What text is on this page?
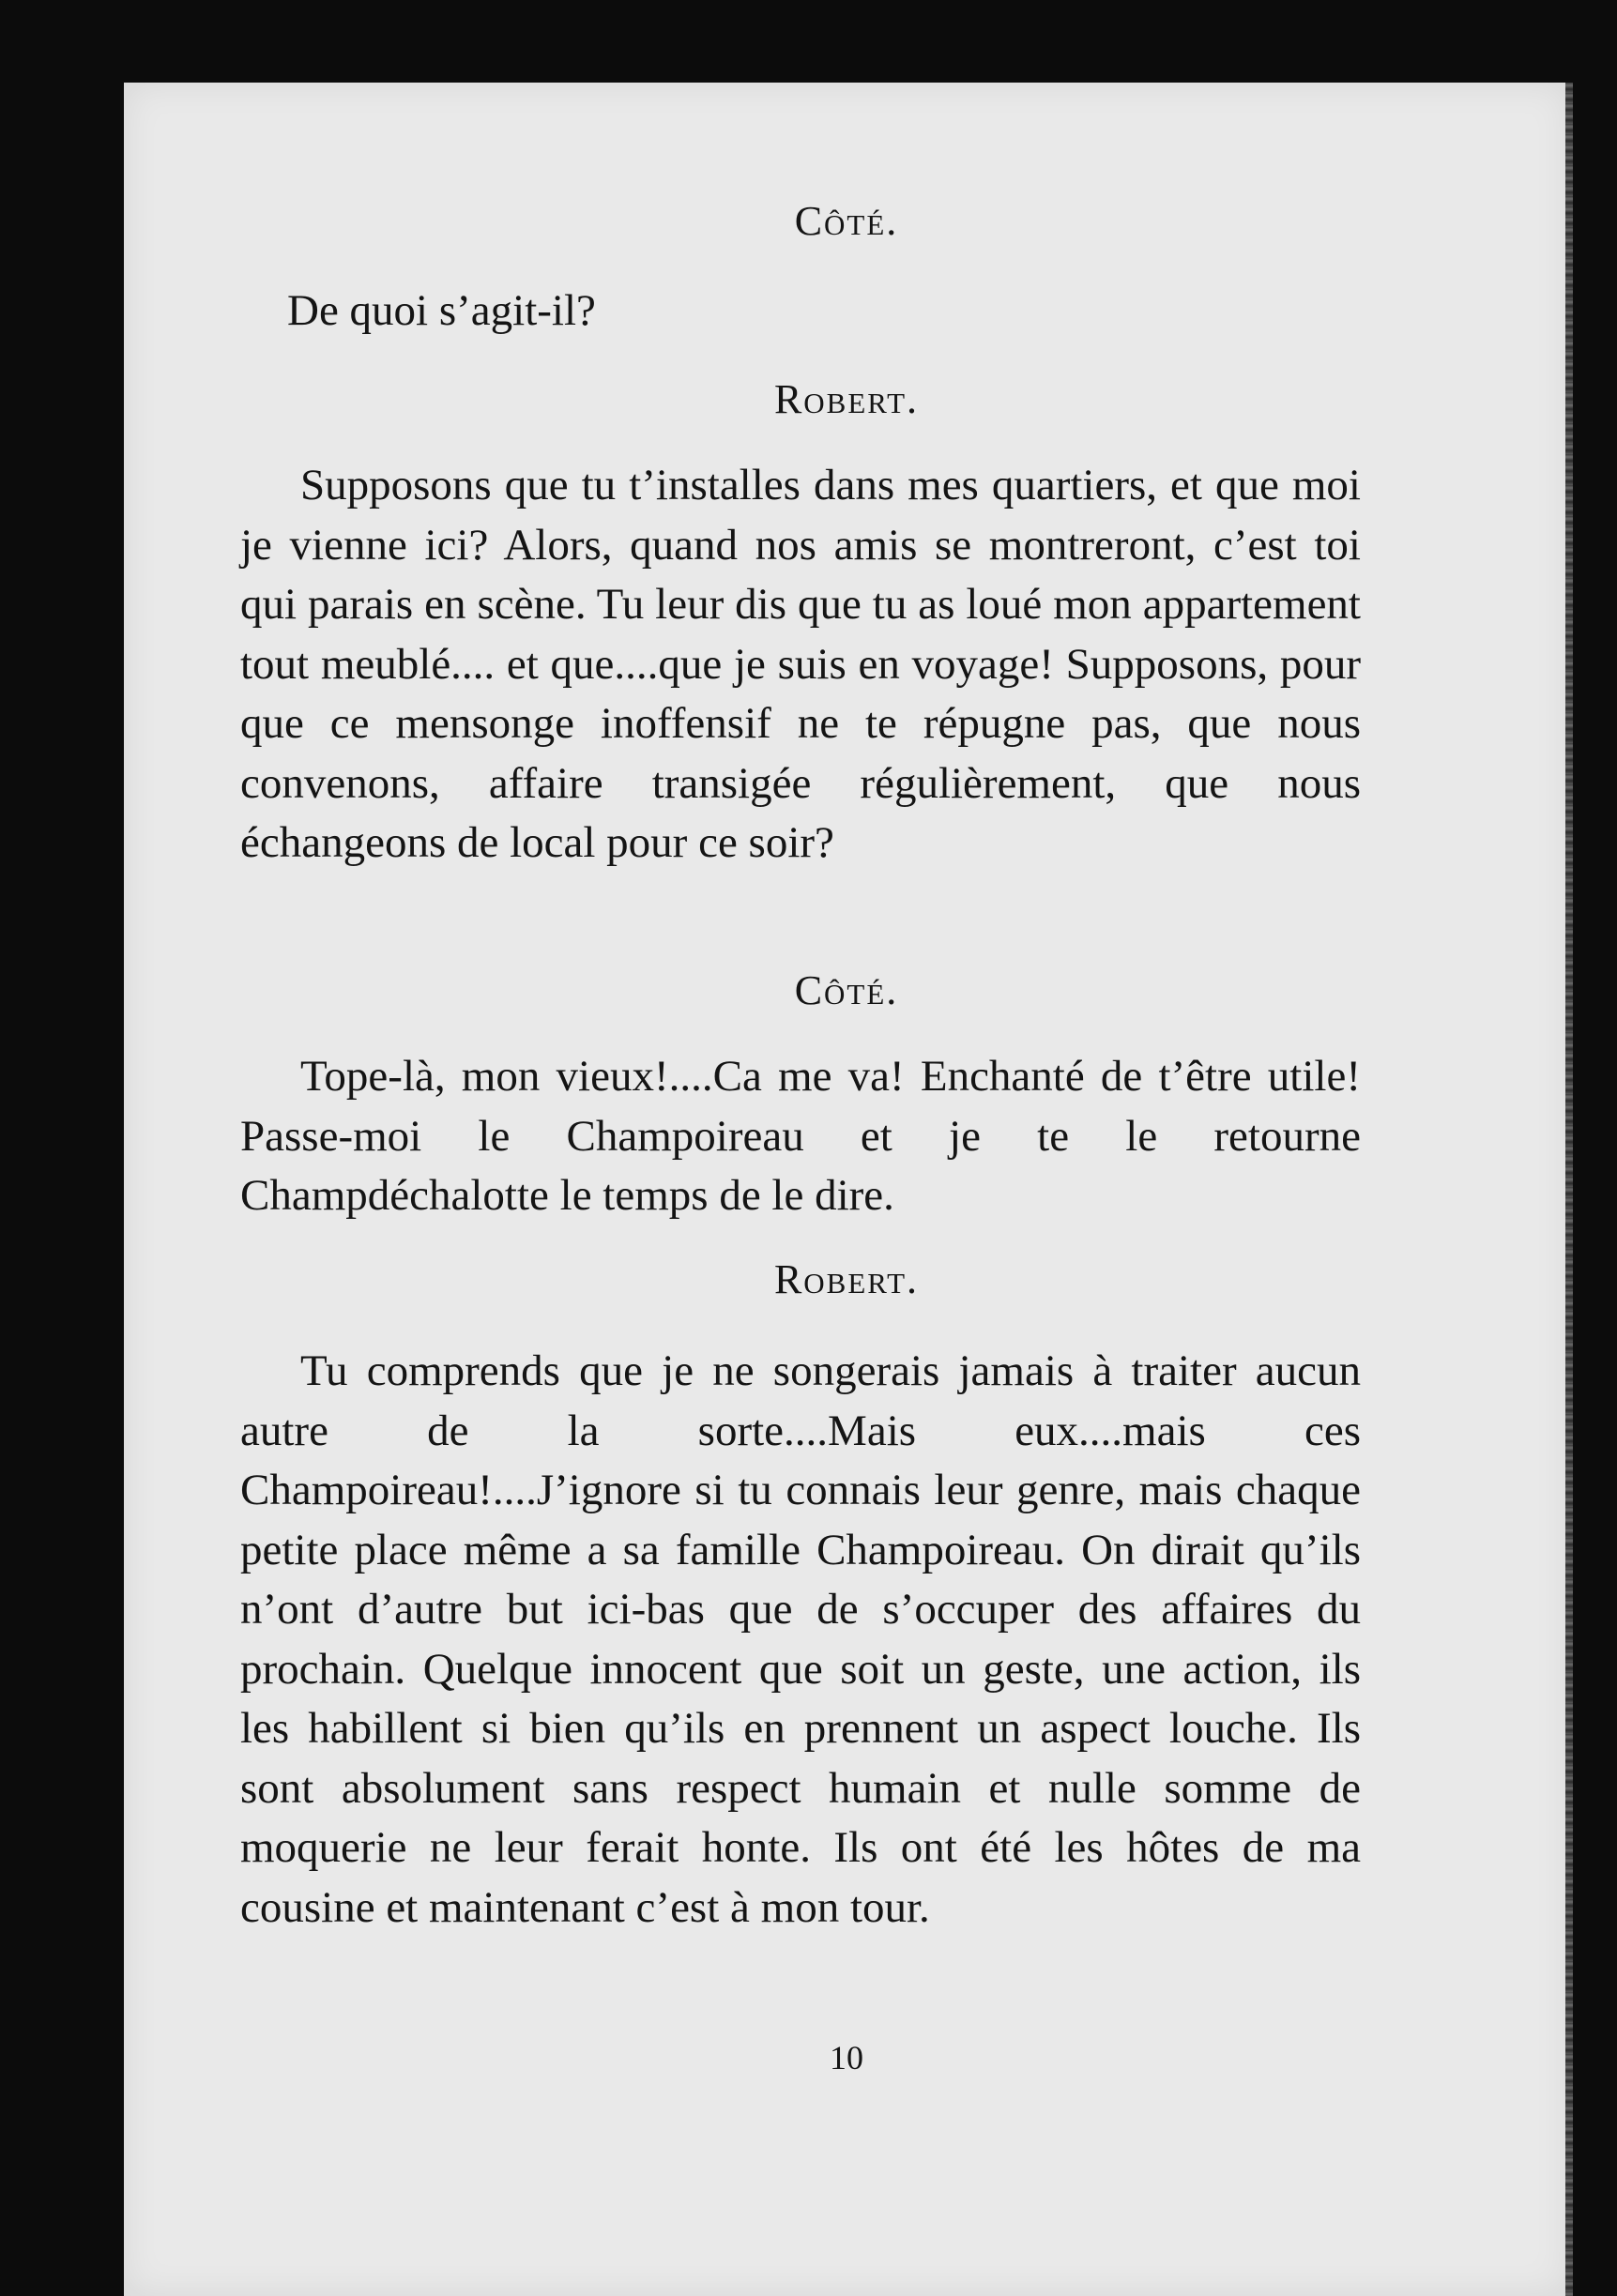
Côté.
De quoi s’agit-il?
Robert.
Supposons que tu t’installes dans mes quartiers, et que moi je vienne ici? Alors, quand nos amis se montreront, c’est toi qui parais en scène. Tu leur dis que tu as loué mon appartement tout meublé.... et que....que je suis en voyage! Supposons, pour que ce mensonge inoffensif ne te répugne pas, que nous convenons, affaire transigée régulièrement, que nous échangeons de local pour ce soir?
Côté.
Tope-là, mon vieux!....Ca me va! Enchanté de t’être utile! Passe-moi le Champoireau et je te le retourne Champdéchalotte le temps de le dire.
Robert.
Tu comprends que je ne songerais jamais à traiter aucun autre de la sorte....Mais eux....mais ces Champoireau!....J’ignore si tu connais leur genre, mais chaque petite place même a sa famille Champoireau. On dirait qu’ils n’ont d’autre but ici-bas que de s’occuper des affaires du prochain. Quelque innocent que soit un geste, une action, ils les habillent si bien qu’ils en prennent un aspect louche. Ils sont absolument sans respect humain et nulle somme de moquerie ne leur ferait honte. Ils ont été les hôtes de ma cousine et maintenant c’est à mon tour.
10
